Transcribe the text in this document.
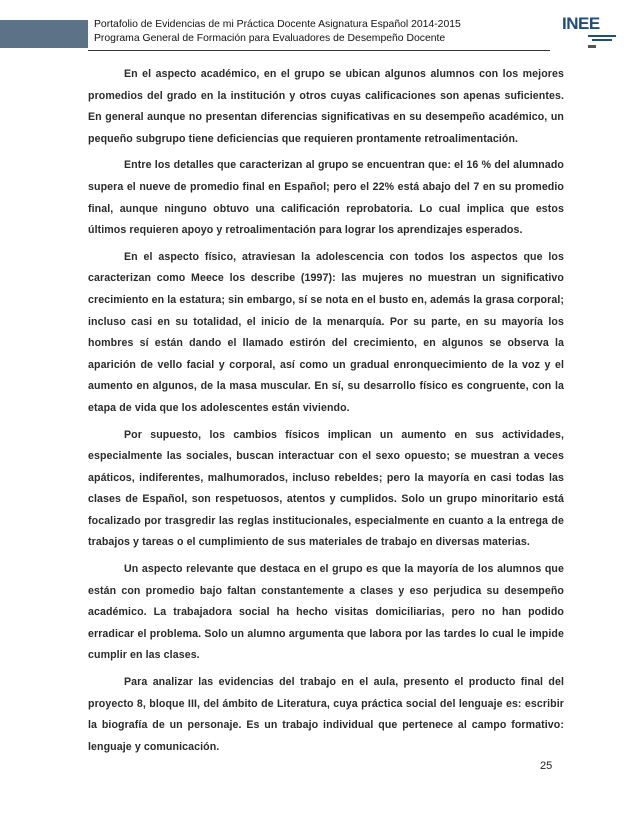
Portafolio de Evidencias de mi Práctica Docente Asignatura Español 2014-2015
Programa General de Formación para Evaluadores de Desempeño Docente
INEE

En el aspecto académico, en el grupo se ubican algunos alumnos con los mejores promedios del grado en la institución y otros cuyas calificaciones son apenas suficientes. En general aunque no presentan diferencias significativas en su desempeño académico, un pequeño subgrupo tiene deficiencias que requieren prontamente retroalimentación.

Entre los detalles que caracterizan al grupo se encuentran que: el 16 % del alumnado supera el nueve de promedio final en Español; pero el 22% está abajo del 7 en su promedio final, aunque ninguno obtuvo una calificación reprobatoria. Lo cual implica que estos últimos requieren apoyo y retroalimentación para lograr los aprendizajes esperados.

En el aspecto físico, atraviesan la adolescencia con todos los aspectos que los caracterizan como Meece los describe (1997): las mujeres no muestran un significativo crecimiento en la estatura; sin embargo, sí se nota en el busto en, además la grasa corporal; incluso casi en su totalidad, el inicio de la menarquía. Por su parte, en su mayoría los hombres sí están dando el llamado estirón del crecimiento, en algunos se observa la aparición de vello facial y corporal, así como un gradual enronquecimiento de la voz y el aumento en algunos, de la masa muscular. En sí, su desarrollo físico es congruente, con la etapa de vida que los adolescentes están viviendo.

Por supuesto, los cambios físicos implican un aumento en sus actividades, especialmente las sociales, buscan interactuar con el sexo opuesto; se muestran a veces apáticos, indiferentes, malhumorados, incluso rebeldes; pero la mayoría en casi todas las clases de Español, son respetuosos, atentos y cumplidos. Solo un grupo minoritario está focalizado por trasgredir las reglas institucionales, especialmente en cuanto a la entrega de trabajos y tareas o el cumplimiento de sus materiales de trabajo en diversas materias.

Un aspecto relevante que destaca en el grupo es que la mayoría de los alumnos que están con promedio bajo faltan constantemente a clases y eso perjudica su desempeño académico. La trabajadora social ha hecho visitas domiciliarias, pero no han podido erradicar el problema. Solo un alumno argumenta que labora por las tardes lo cual le impide cumplir en las clases.

Para analizar las evidencias del trabajo en el aula, presento el producto final del proyecto 8, bloque III, del ámbito de Literatura, cuya práctica social del lenguaje es: escribir la biografía de un personaje. Es un trabajo individual que pertenece al campo formativo: lenguaje y comunicación.

25
